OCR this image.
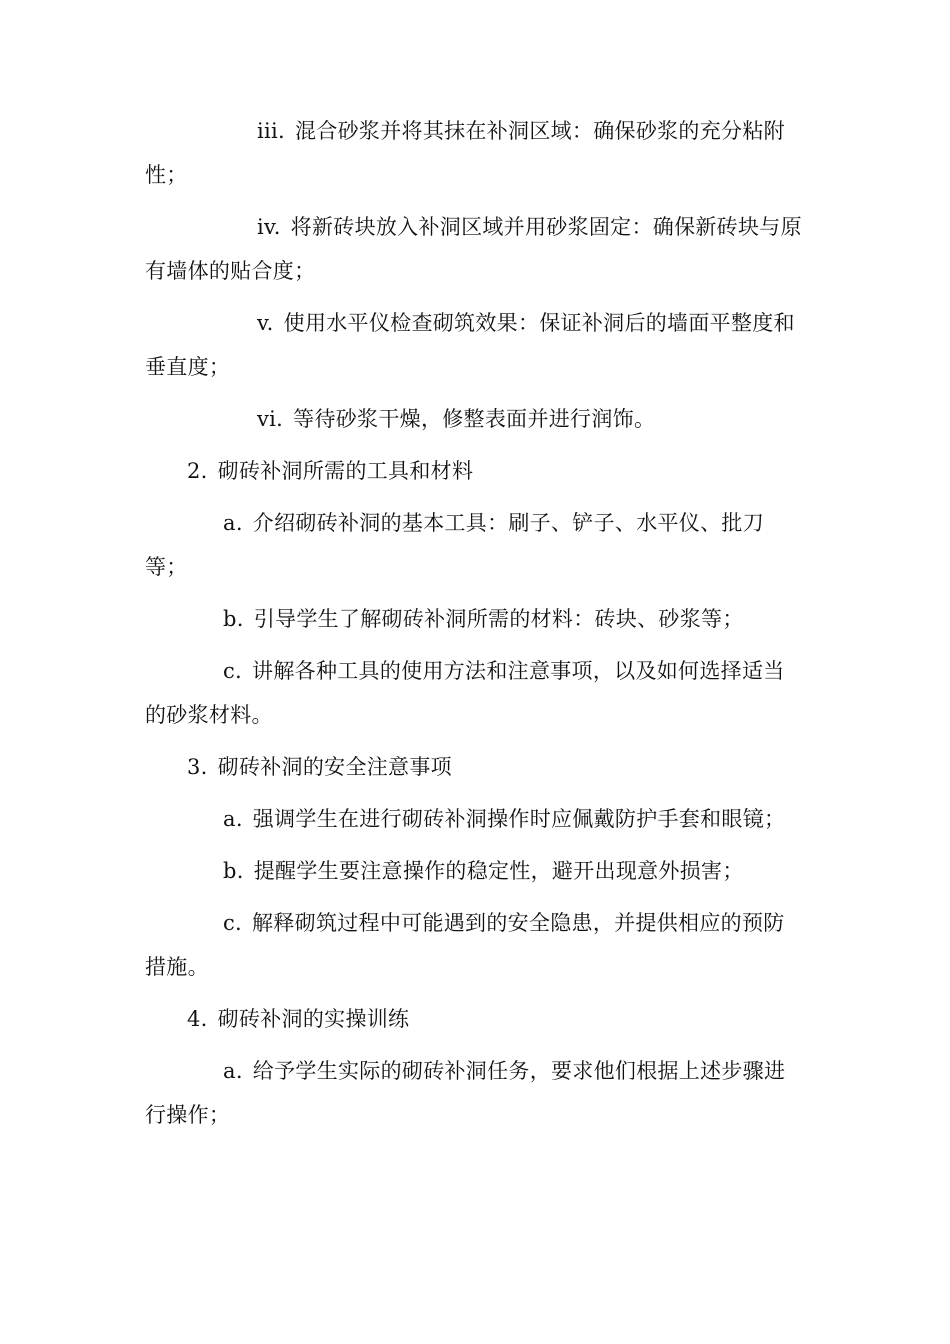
iii. 混合砂浆并将其抹在补洞区域：确保砂浆的充分粘附性；

iv. 将新砖块放入补洞区域并用砂浆固定：确保新砖块与原有墙体的贴合度；

v. 使用水平仪检查砌筑效果：保证补洞后的墙面平整度和垂直度；

vi. 等待砂浆干燥，修整表面并进行润饰。

2. 砌砖补洞所需的工具和材料

a. 介绍砌砖补洞的基本工具：刷子、铲子、水平仪、批刀等；

b. 引导学生了解砌砖补洞所需的材料：砖块、砂浆等；

c. 讲解各种工具的使用方法和注意事项，以及如何选择适当的砂浆材料。

3. 砌砖补洞的安全注意事项

a. 强调学生在进行砌砖补洞操作时应佩戴防护手套和眼镜；

b. 提醒学生要注意操作的稳定性，避开出现意外损害；

c. 解释砌筑过程中可能遇到的安全隐患，并提供相应的预防措施。

4. 砌砖补洞的实操训练

a. 给予学生实际的砌砖补洞任务，要求他们根据上述步骤进行操作；
